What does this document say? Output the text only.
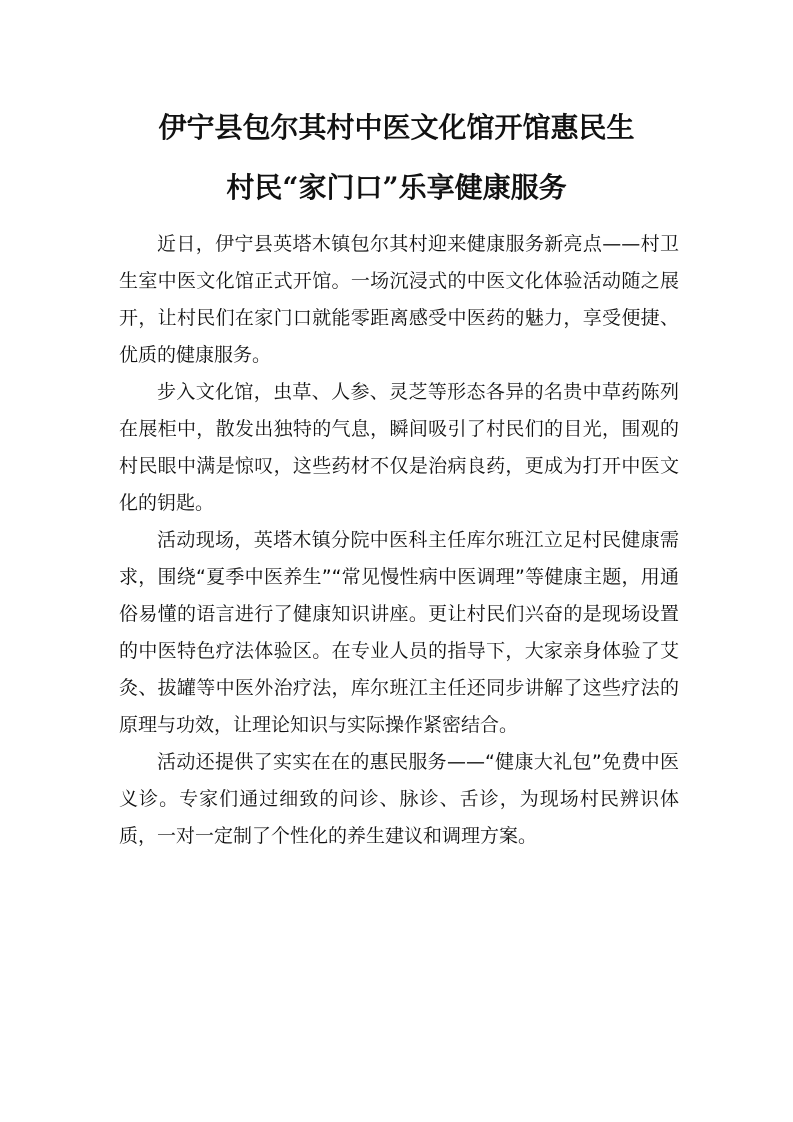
伊宁县包尔其村中医文化馆开馆惠民生
村民“家门口”乐享健康服务

近日，伊宁县英塔木镇包尔其村迎来健康服务新亮点——村卫生室中医文化馆正式开馆。一场沉浸式的中医文化体验活动随之展开，让村民们在家门口就能零距离感受中医药的魅力，享受便捷、优质的健康服务。

步入文化馆，虫草、人参、灵芝等形态各异的名贵中草药陈列在展柜中，散发出独特的气息，瞬间吸引了村民们的目光，围观的村民眼中满是惊叹，这些药材不仅是治病良药，更成为打开中医文化的钥匙。

活动现场，英塔木镇分院中医科主任库尔班江立足村民健康需求，围绕“夏季中医养生”“常见慢性病中医调理”等健康主题，用通俗易懂的语言进行了健康知识讲座。更让村民们兴奋的是现场设置的中医特色疗法体验区。在专业人员的指导下，大家亲身体验了艾灸、拔罐等中医外治疗法，库尔班江主任还同步讲解了这些疗法的原理与功效，让理论知识与实际操作紧密结合。

活动还提供了实实在在的惠民服务——“健康大礼包”免费中医义诊。专家们通过细致的问诊、脉诊、舌诊，为现场村民辨识体质，一对一定制了个性化的养生建议和调理方案。
